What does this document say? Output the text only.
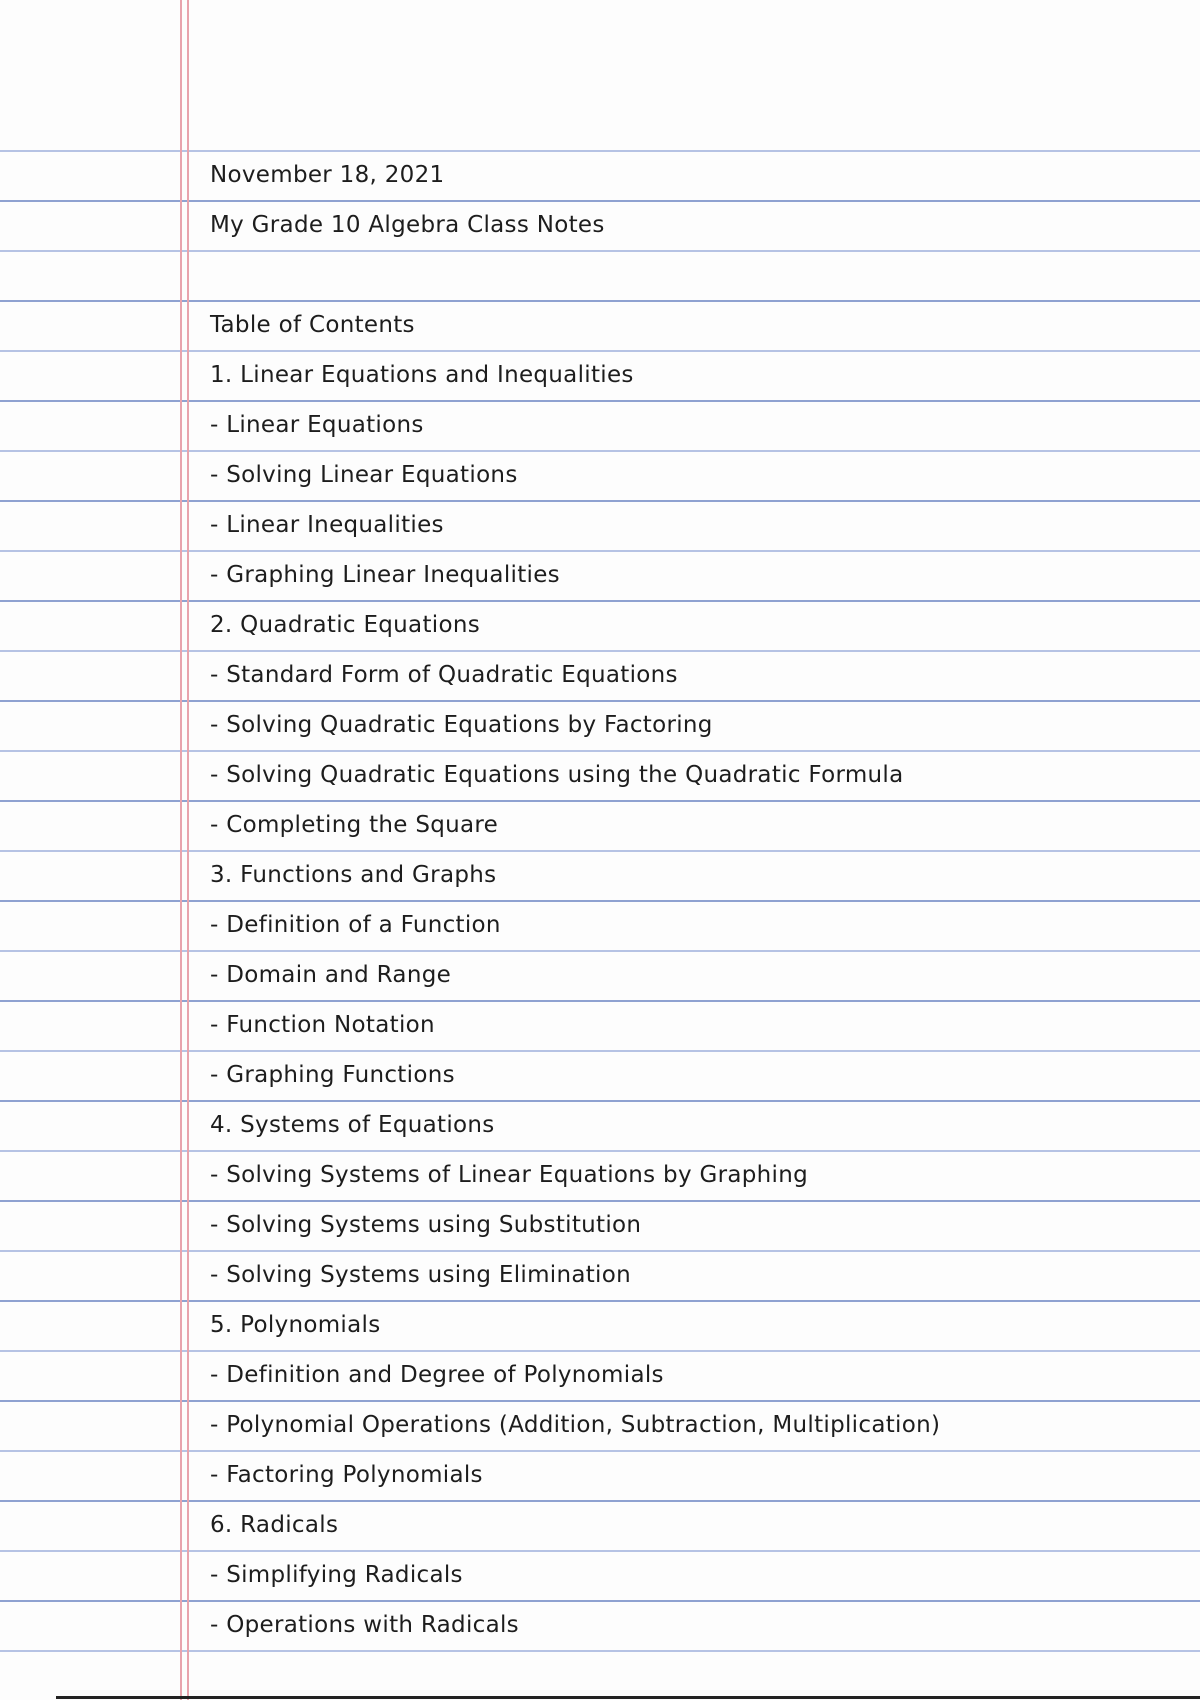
November 18, 2021
My Grade 10 Algebra Class Notes
Table of Contents
1. Linear Equations and Inequalities
- Linear Equations
- Solving Linear Equations
- Linear Inequalities
- Graphing Linear Inequalities
2. Quadratic Equations
- Standard Form of Quadratic Equations
- Solving Quadratic Equations by Factoring
- Solving Quadratic Equations using the Quadratic Formula
- Completing the Square
3. Functions and Graphs
- Definition of a Function
- Domain and Range
- Function Notation
- Graphing Functions
4. Systems of Equations
- Solving Systems of Linear Equations by Graphing
- Solving Systems using Substitution
- Solving Systems using Elimination
5. Polynomials
- Definition and Degree of Polynomials
- Polynomial Operations (Addition, Subtraction, Multiplication)
- Factoring Polynomials
6. Radicals
- Simplifying Radicals
- Operations with Radicals
